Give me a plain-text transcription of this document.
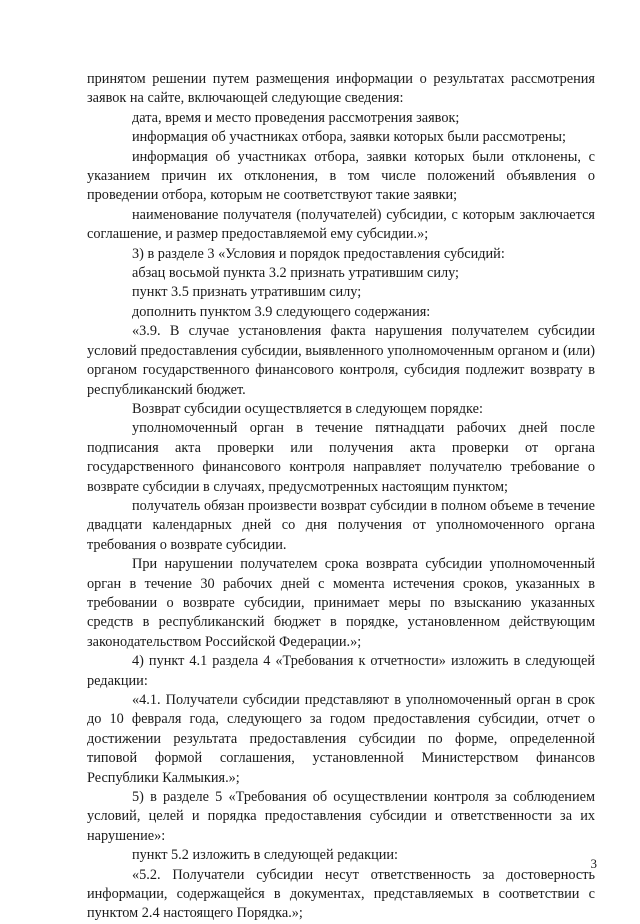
принятом решении путем размещения информации о результатах рассмотрения заявок на сайте, включающей следующие сведения:

дата, время и место проведения рассмотрения заявок;

информация об участниках отбора, заявки которых были рассмотрены;

информация об участниках отбора, заявки которых были отклонены, с указанием причин их отклонения, в том числе положений объявления о проведении отбора, которым не соответствуют такие заявки;

наименование получателя (получателей) субсидии, с которым заключается соглашение, и размер предоставляемой ему субсидии.»;

3) в разделе 3 «Условия и порядок предоставления субсидий:

абзац восьмой пункта 3.2 признать утратившим силу;

пункт 3.5 признать утратившим силу;

дополнить пунктом 3.9 следующего содержания:

«3.9. В случае установления факта нарушения получателем субсидии условий предоставления субсидии, выявленного уполномоченным органом и (или) органом государственного финансового контроля, субсидия подлежит возврату в республиканский бюджет.

Возврат субсидии осуществляется в следующем порядке:

уполномоченный орган в течение пятнадцати рабочих дней после подписания акта проверки или получения акта проверки от органа государственного финансового контроля направляет получателю требование о возврате субсидии в случаях, предусмотренных настоящим пунктом;

получатель обязан произвести возврат субсидии в полном объеме в течение двадцати календарных дней со дня получения от уполномоченного органа требования о возврате субсидии.

При нарушении получателем срока возврата субсидии уполномоченный орган в течение 30 рабочих дней с момента истечения сроков, указанных в требовании о возврате субсидии, принимает меры по взысканию указанных средств в республиканский бюджет в порядке, установленном действующим законодательством Российской Федерации.»;

4) пункт 4.1 раздела 4 «Требования к отчетности» изложить в следующей редакции:

«4.1. Получатели субсидии представляют в уполномоченный орган в срок до 10 февраля года, следующего за годом предоставления субсидии, отчет о достижении результата предоставления субсидии по форме, определенной типовой формой соглашения, установленной Министерством финансов Республики Калмыкия.»;

5) в разделе 5 «Требования об осуществлении контроля за соблюдением условий, целей и порядка предоставления субсидии и ответственности за их нарушение»:

пункт 5.2 изложить в следующей редакции:

«5.2. Получатели субсидии несут ответственность за достоверность информации, содержащейся в документах, представляемых в соответствии с пунктом 2.4 настоящего Порядка.»;

3
